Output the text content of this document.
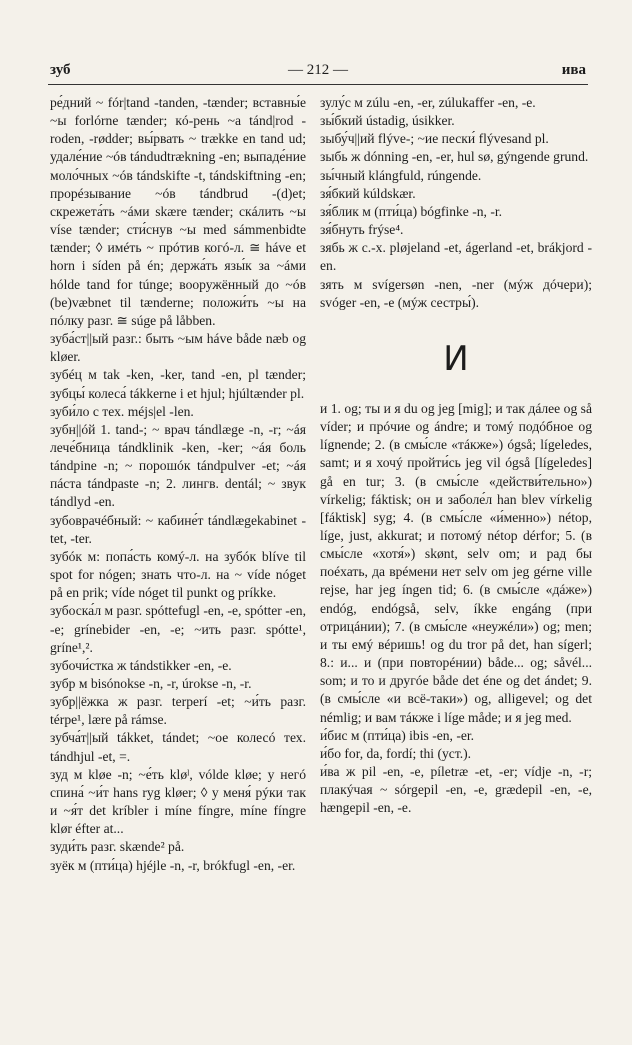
зуб	— 212 —	ива

ре́дний ~ fór|tand -tanden, -tænder; вставны́е ~ы forlórne tænder; кó-рень ~а tánd|rod -roden, -rødder; вы́рвать ~ trække en tand ud; удале́ние ~óв tándudtrækning -en; выпаде́ние моло́чных ~óв tándskifte -t, tándskiftning -en; прорéзывание ~óв tándbrud -(d)et; скрежета́ть ~áми skære tænder; скáлить ~ы víse tænder; сти́снув ~ы med sámmenbidte tænder; ◊ имéть ~ прóтив когó-л. ≅ háve et horn i síden på én; держа́ть язы́к за ~áми hólde tand for túnge; вооружённый до ~óв (be)væbnet til tænderne; положи́ть ~ы на пóлку разг. ≅ súge på låbben.

зуба́ст||ый разг.: быть ~ым háve både næb og kløer.

зубéц м tak -ken, -ker, tand -en, pl tænder; зубцы́ колеса́ tákkerne i et hjul; hjúltænder pl.

зуби́ло с тех. méjs|el -len.

зубн||óй 1. tand-; ~ врач tándlæge -n, -r; ~áя лече́бница tándklinik -ken, -ker; ~áя боль tándpine -n; ~ порошóк tándpulver -et; ~áя пáста tándpaste -n; 2. лингв. dentál; ~ звук tándlyd -en.

зубоврачéбный: ~ кабине́т tándlægekabinet -tet, -ter.

зубóк м: попа́сть комý-л. на зубóк blíve til spot for nógen; знать что-л. на ~ víde nóget på en prik; víde nóget til punkt og príkke.

зубоска́л м разг. spóttefugl -en, -e, spótter -en, -e; grínebider -en, -e; ~ить разг. spótte¹, gríne¹,².

зубочи́стка ж tándstikker -en, -e.

зубр м bisónokse -n, -r, úrokse -n, -r.

зубр||ёжка ж разг. terperí -et; ~и́ть разг. térpe¹, lære på rámse.

зубча́т||ый tákket, tándet; ~ое колесó тех. tándhjul -et, =.

зуд м kløe -n; ~е́ть kløˡ, vólde kløe; у негó спина́ ~и́т hans ryg kløer; ◊ у меня́ рýки так и ~я́т det kríbler i míne fíngre, míne fíngre klør éfter at...

зуди́ть разг. skænde² på.

зуёк м (пти́ца) hjéjle -n, -r, brókfugl -en, -er.

зулу́с м zúlu -en, -er, zúlukaffer -en, -e.

зы́бкий ústadig, úsikker.

зыбу́ч||ий flýve-; ~ие пески́ flývesand pl.

зыбь ж dónning -en, -er, hul sø, gýngende grund.

зы́чный klángfuld, rúngende.

зя́бкий kúldskær.

зя́блик м (пти́ца) bógfinke -n, -r.

зя́бнуть frýse⁴.

зябь ж с.-х. pløjeland -et, ágerland -et, brákjord -en.

зять м svígersøn -nen, -ner (мýж дóчери); svóger -en, -e (мýж сестры́).

И

и 1. og; ты и я du og jeg [mig]; и так дáлее og så víder; и прóчие og ándre; и томý подóбное og lígnende; 2. (в смы́сле «тáкже») ógså; lígeledes, samt; и я хочý пройти́сь jeg vil ógså [lígeledes] gå en tur; 3. (в смы́сле «действи́тельно») vírkelig; fáktisk; он и заболе́л han blev vírkelig [fáktisk] syg; 4. (в смы́сле «и́менно») nétop, líge, just, akkurat; и потомý nétop dérfor; 5. (в смы́сле «хотя́») skønt, selv om; и рад бы поéхать, да врéмени нет selv om jeg gérne ville rejse, har jeg íngen tid; 6. (в смы́сле «дáже») endóg, endógså, selv, íkke engáng (при отрицáнии); 7. (в смы́сле «неужéли») og; men; и ты емý вéришь! og du tror på det, han sígerl; 8.: и... и (при повторéнии) både... og; såvél... som; и то и другóе både det éne og det ándet; 9. (в смы́сле «и всё-таки») og, alligevel; og det némlig; и вам тáкже i líge måde; и я jeg med.

и́бис м (пти́ца) ibis -en, -er.

и́бо for, da, fordí; thi (уст.).

и́ва ж pil -en, -e, píletræ -et, -er; vídje -n, -r; плакýчая ~ sórgepil -en, -e, grædepil -en, -e, hængepil -en, -e.
